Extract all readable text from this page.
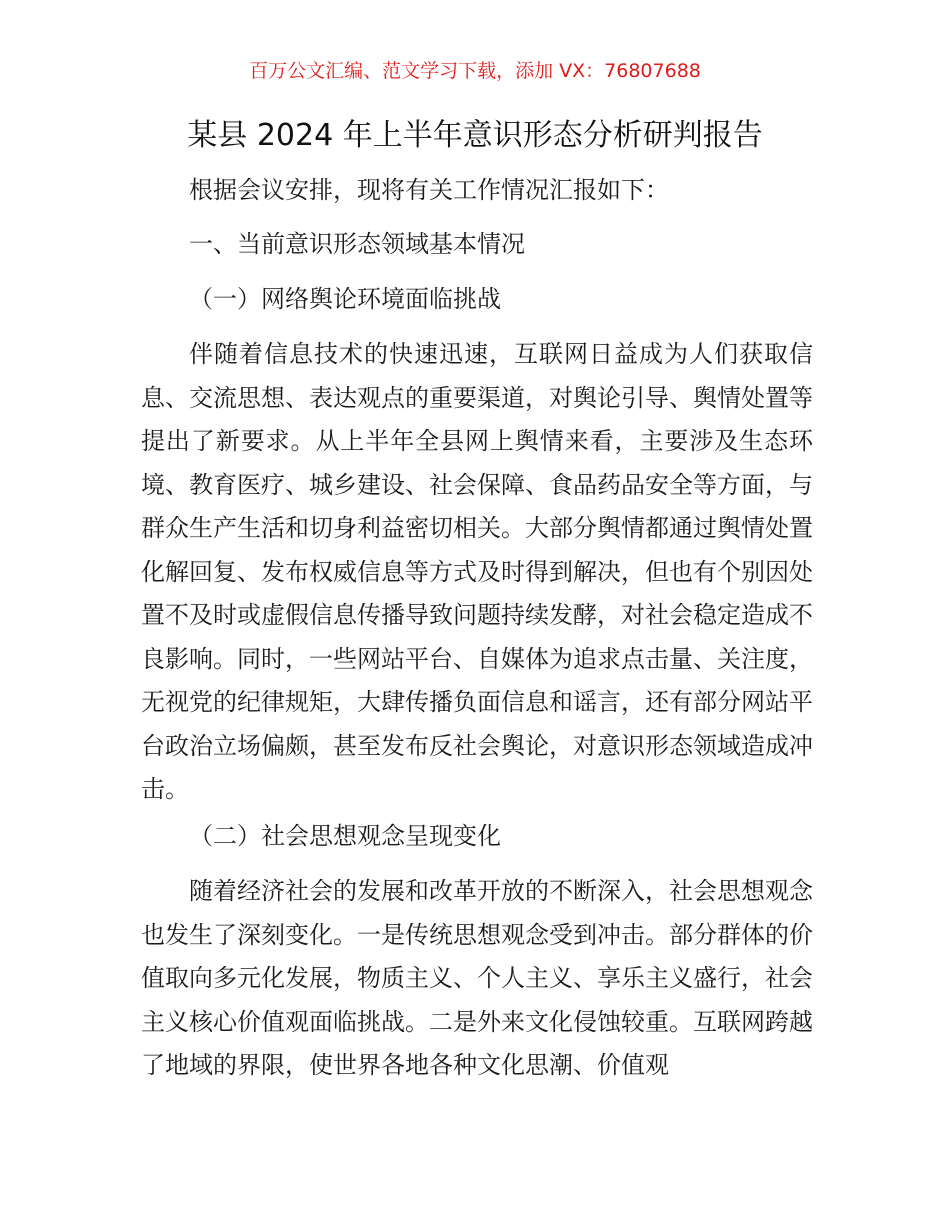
百万公文汇编、范文学习下载，添加 VX：76807688
某县 2024 年上半年意识形态分析研判报告
根据会议安排，现将有关工作情况汇报如下：
一、当前意识形态领域基本情况
（一）网络舆论环境面临挑战
伴随着信息技术的快速迅速，互联网日益成为人们获取信息、交流思想、表达观点的重要渠道，对舆论引导、舆情处置等提出了新要求。从上半年全县网上舆情来看，主要涉及生态环境、教育医疗、城乡建设、社会保障、食品药品安全等方面，与群众生产生活和切身利益密切相关。大部分舆情都通过舆情处置化解回复、发布权威信息等方式及时得到解决，但也有个别因处置不及时或虚假信息传播导致问题持续发酵，对社会稳定造成不良影响。同时，一些网站平台、自媒体为追求点击量、关注度，无视党的纪律规矩，大肆传播负面信息和谣言，还有部分网站平台政治立场偏颇，甚至发布反社会舆论，对意识形态领域造成冲击。
（二）社会思想观念呈现变化
随着经济社会的发展和改革开放的不断深入，社会思想观念也发生了深刻变化。一是传统思想观念受到冲击。部分群体的价值取向多元化发展，物质主义、个人主义、享乐主义盛行，社会主义核心价值观面临挑战。二是外来文化侵蚀较重。互联网跨越了地域的界限，使世界各地各种文化思潮、价值观
